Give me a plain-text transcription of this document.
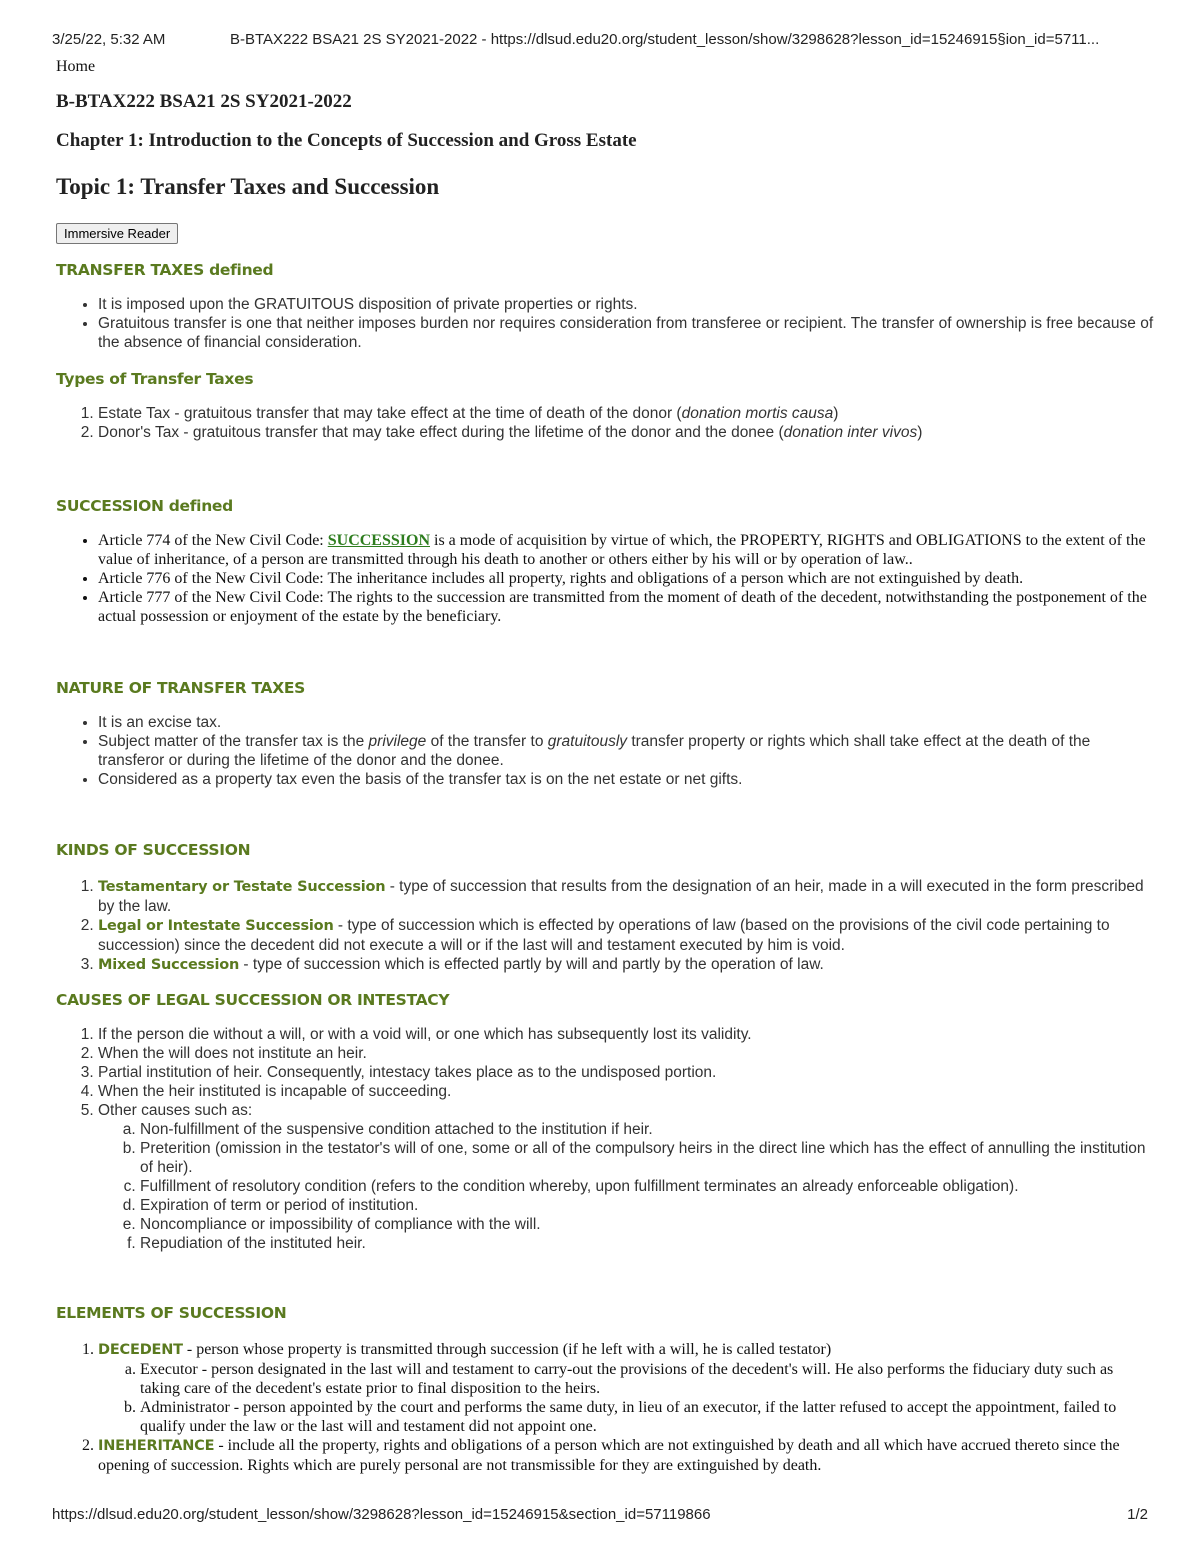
3/25/22, 5:32 AM	B-BTAX222 BSA21 2S SY2021-2022 - https://dlsud.edu20.org/student_lesson/show/3298628?lesson_id=15246915§ion_id=5711...
Home
B-BTAX222 BSA21 2S SY2021-2022
Chapter 1: Introduction to the Concepts of Succession and Gross Estate
Topic 1: Transfer Taxes and Succession
Immersive Reader
TRANSFER TAXES defined
• It is imposed upon the GRATUITOUS disposition of private properties or rights.
• Gratuitous transfer is one that neither imposes burden nor requires consideration from transferee or recipient. The transfer of ownership is free because of the absence of financial consideration.
Types of Transfer Taxes
1. Estate Tax - gratuitous transfer that may take effect at the time of death of the donor (donation mortis causa)
2. Donor's Tax - gratuitous transfer that may take effect during the lifetime of the donor and the donee (donation inter vivos)
SUCCESSION defined
• Article 774 of the New Civil Code: SUCCESSION is a mode of acquisition by virtue of which, the PROPERTY, RIGHTS and OBLIGATIONS to the extent of the value of inheritance, of a person are transmitted through his death to another or others either by his will or by operation of law..
• Article 776 of the New Civil Code: The inheritance includes all property, rights and obligations of a person which are not extinguished by death.
• Article 777 of the New Civil Code: The rights to the succession are transmitted from the moment of death of the decedent, notwithstanding the postponement of the actual possession or enjoyment of the estate by the beneficiary.
NATURE OF TRANSFER TAXES
• It is an excise tax.
• Subject matter of the transfer tax is the privilege of the transfer to gratuitously transfer property or rights which shall take effect at the death of the transferor or during the lifetime of the donor and the donee.
• Considered as a property tax even the basis of the transfer tax is on the net estate or net gifts.
KINDS OF SUCCESSION
1. Testamentary or Testate Succession - type of succession that results from the designation of an heir, made in a will executed in the form prescribed by the law.
2. Legal or Intestate Succession - type of succession which is effected by operations of law (based on the provisions of the civil code pertaining to succession) since the decedent did not execute a will or if the last will and testament executed by him is void.
3. Mixed Succession - type of succession which is effected partly by will and partly by the operation of law.
CAUSES OF LEGAL SUCCESSION OR INTESTACY
1. If the person die without a will, or with a void will, or one which has subsequently lost its validity.
2. When the will does not institute an heir.
3. Partial institution of heir. Consequently, intestacy takes place as to the undisposed portion.
4. When the heir instituted is incapable of succeeding.
5. Other causes such as:
a. Non-fulfillment of the suspensive condition attached to the institution if heir.
b. Preterition (omission in the testator's will of one, some or all of the compulsory heirs in the direct line which has the effect of annulling the institution of heir).
c. Fulfillment of resolutory condition (refers to the condition whereby, upon fulfillment terminates an already enforceable obligation).
d. Expiration of term or period of institution.
e. Noncompliance or impossibility of compliance with the will.
f. Repudiation of the instituted heir.
ELEMENTS OF SUCCESSION
1. DECEDENT - person whose property is transmitted through succession (if he left with a will, he is called testator)
a. Executor - person designated in the last will and testament to carry-out the provisions of the decedent's will. He also performs the fiduciary duty such as taking care of the decedent's estate prior to final disposition to the heirs.
b. Administrator - person appointed by the court and performs the same duty, in lieu of an executor, if the latter refused to accept the appointment, failed to qualify under the law or the last will and testament did not appoint one.
2. INEHERITANCE - include all the property, rights and obligations of a person which are not extinguished by death and all which have accrued thereto since the opening of succession. Rights which are purely personal are not transmissible for they are extinguished by death.
https://dlsud.edu20.org/student_lesson/show/3298628?lesson_id=15246915&section_id=57119866	1/2
